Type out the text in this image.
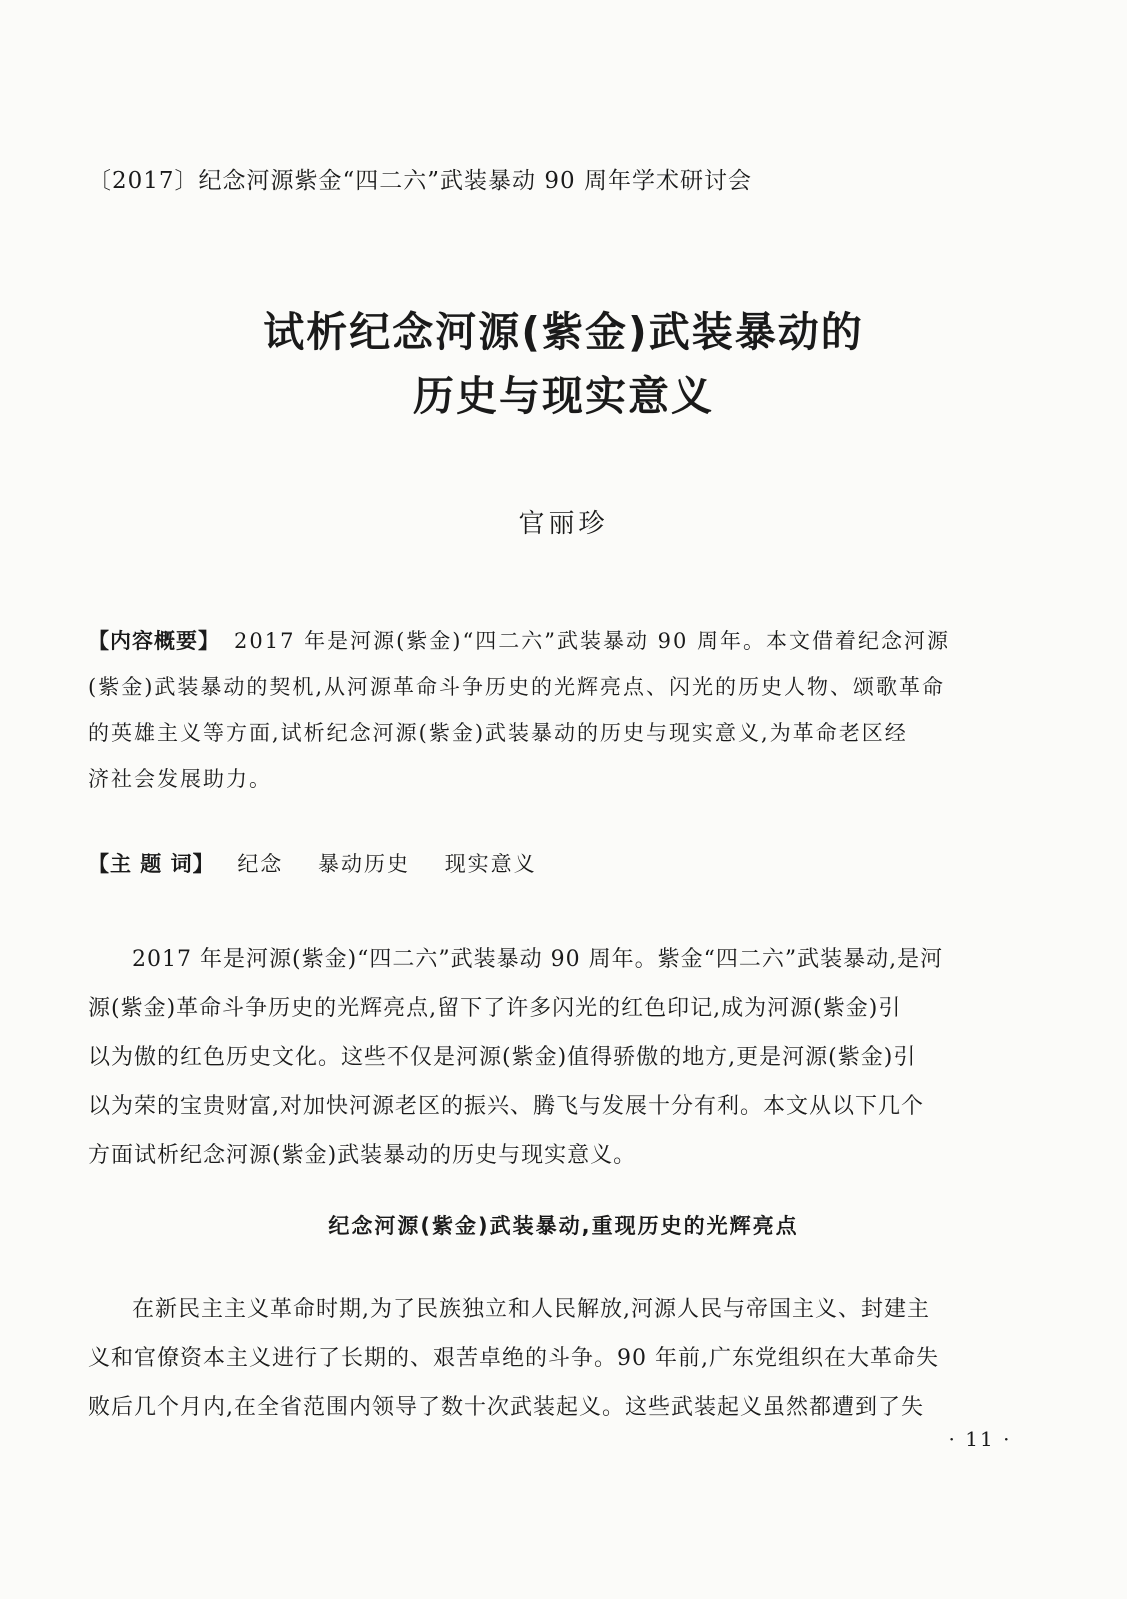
〔2017〕纪念河源紫金“四二六”武装暴动 90 周年学术研讨会
试析纪念河源(紫金)武装暴动的
历史与现实意义
官丽珍
【内容概要】 2017 年是河源(紫金)“四二六”武装暴动 90 周年。本文借着纪念河源
(紫金)武装暴动的契机,从河源革命斗争历史的光辉亮点、闪光的历史人物、颂歌革命
的英雄主义等方面,试析纪念河源(紫金)武装暴动的历史与现实意义,为革命老区经
济社会发展助力。
【主 题 词】 纪念 暴动历史 现实意义
2017 年是河源(紫金)“四二六”武装暴动 90 周年。紫金“四二六”武装暴动,是河
源(紫金)革命斗争历史的光辉亮点,留下了许多闪光的红色印记,成为河源(紫金)引
以为傲的红色历史文化。这些不仅是河源(紫金)值得骄傲的地方,更是河源(紫金)引
以为荣的宝贵财富,对加快河源老区的振兴、腾飞与发展十分有利。本文从以下几个
方面试析纪念河源(紫金)武装暴动的历史与现实意义。
纪念河源(紫金)武装暴动,重现历史的光辉亮点
在新民主主义革命时期,为了民族独立和人民解放,河源人民与帝国主义、封建主
义和官僚资本主义进行了长期的、艰苦卓绝的斗争。90 年前,广东党组织在大革命失
败后几个月内,在全省范围内领导了数十次武装起义。这些武装起义虽然都遭到了失
· 11 ·
